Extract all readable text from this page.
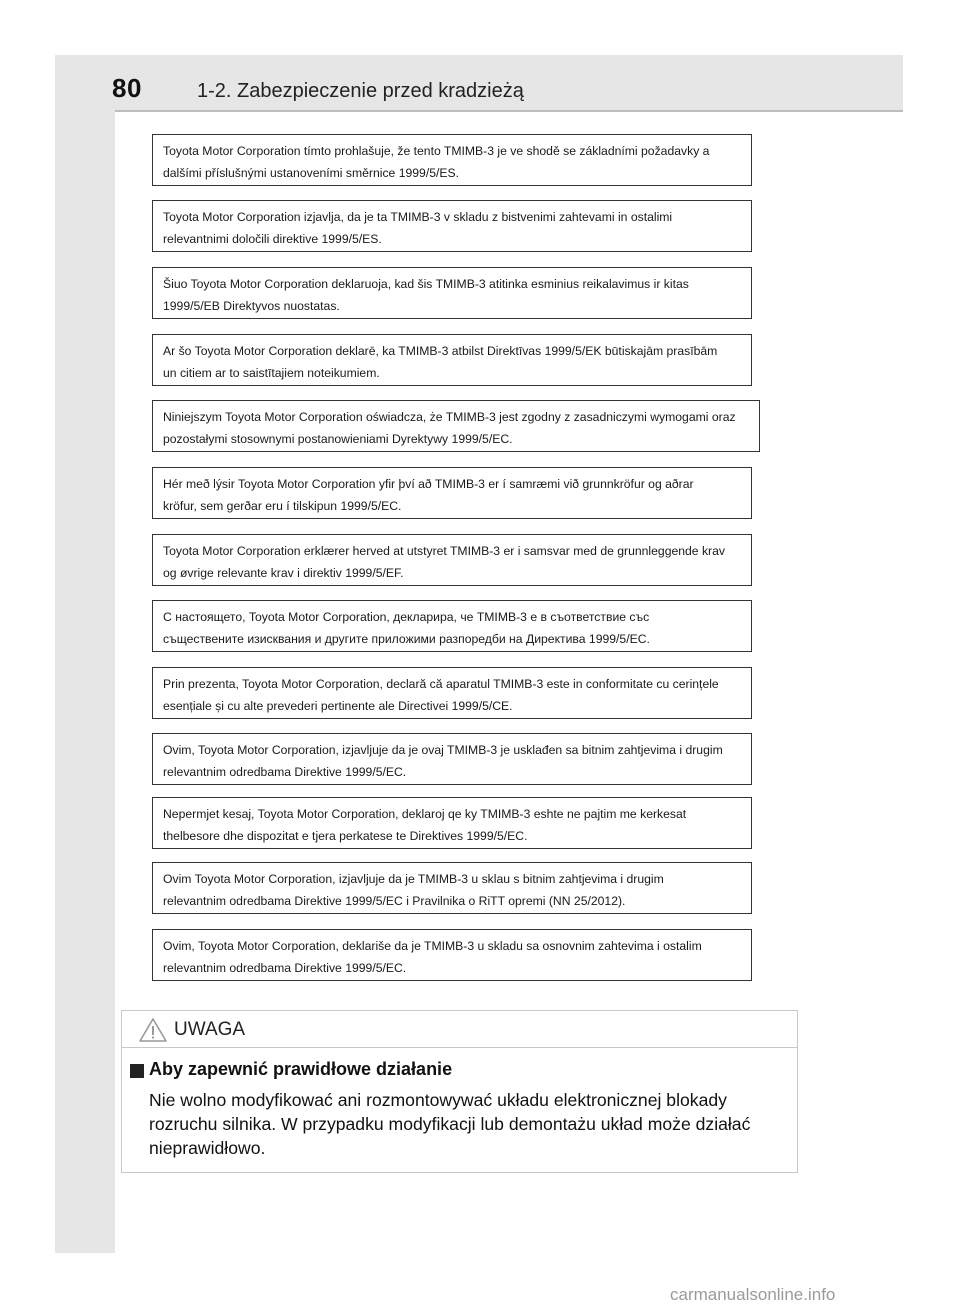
80	1-2. Zabezpieczenie przed kradzieżą

Toyota Motor Corporation tímto prohlašuje, že tento TMIMB-3 je ve shodě se základními požadavky a

dalšími příslušnými ustanoveními směrnice 1999/5/ES.

Toyota Motor Corporation izjavlja, da je ta TMIMB-3 v skladu z bistvenimi zahtevami in ostalimi

relevantnimi določili direktive 1999/5/ES.

Šiuo Toyota Motor Corporation deklaruoja, kad šis TMIMB-3 atitinka esminius reikalavimus ir kitas

1999/5/EB Direktyvos nuostatas.

Ar šo Toyota Motor Corporation deklarē, ka TMIMB-3 atbilst Direktīvas 1999/5/EK būtiskajām prasībām

un citiem ar to saistītajiem noteikumiem.

Niniejszym Toyota Motor Corporation oświadcza, że TMIMB-3 jest zgodny z zasadniczymi wymogami oraz

pozostałymi stosownymi postanowieniami Dyrektywy 1999/5/EC.

Hér með lýsir Toyota Motor Corporation yfir því að TMIMB-3 er í samræmi við grunnkröfur og aðrar

kröfur, sem gerðar eru í tilskipun 1999/5/EC.

Toyota Motor Corporation erklærer herved at utstyret TMIMB-3 er i samsvar med de grunnleggende krav

og øvrige relevante krav i direktiv 1999/5/EF.

С настоящето, Toyota Motor Corporation, декларира, че TMIMB-3 е в съответствие със

съществените изисквания и другите приложими разпоредби на Директива 1999/5/EC.

Prin prezenta, Toyota Motor Corporation, declară că aparatul TMIMB-3 este in conformitate cu cerințele

esențiale și cu alte prevederi pertinente ale Directivei 1999/5/CE.

Ovim, Toyota Motor Corporation, izjavljuje da je ovaj TMIMB-3 je usklađen sa bitnim zahtjevima i drugim

relevantnim odredbama Direktive 1999/5/EC.

Nepermjet kesaj, Toyota Motor Corporation, deklaroj qe ky TMIMB-3 eshte ne pajtim me kerkesat

thelbesore dhe dispozitat e tjera perkatese te Direktives 1999/5/EC.

Ovim Toyota Motor Corporation, izjavljuje da je TMIMB-3 u sklau s bitnim zahtjevima i drugim

relevantnim odredbama Direktive 1999/5/EC i Pravilnika o RiTT opremi (NN 25/2012).

Ovim, Toyota Motor Corporation, deklariše da je TMIMB-3 u skladu sa osnovnim zahtevima i ostalim

relevantnim odredbama Direktive 1999/5/EC.

UWAGA
Aby zapewnić prawidłowe działanie
Nie wolno modyfikować ani rozmontowywać układu elektronicznej blokady
rozruchu silnika. W przypadku modyfikacji lub demontażu układ może działać
nieprawidłowo.
carmanualsonline.info
